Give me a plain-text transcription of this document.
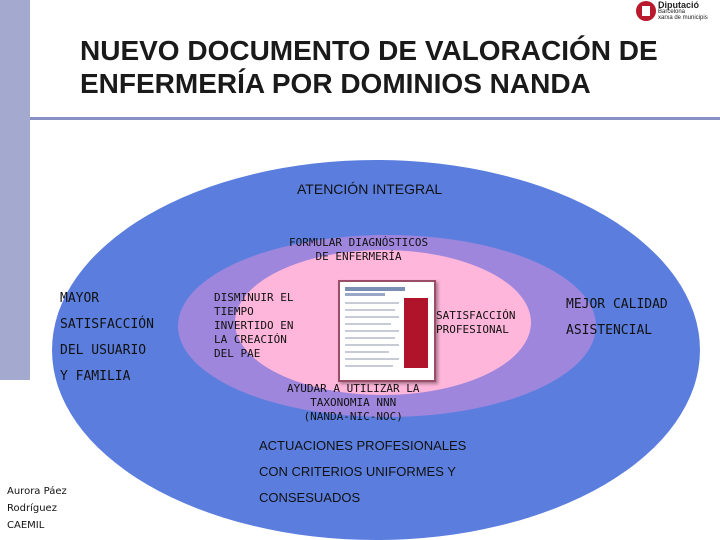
Diputació
Barcelona
xarxa de municipis
NUEVO DOCUMENTO DE VALORACIÓN DE
ENFERMERÍA POR DOMINIOS NANDA
ATENCIÓN INTEGRAL
FORMULAR DIAGNÓSTICOS
DE ENFERMERÍA
MAYOR
SATISFACCIÓN
DEL USUARIO
Y FAMILIA
DISMINUIR EL
TIEMPO
INVERTIDO EN
LA CREACIÓN
DEL PAE
SATISFACCIÓN
PROFESIONAL
MEJOR CALIDAD
ASISTENCIAL
AYUDAR A UTILIZAR LA
TAXONOMIA NNN
(NANDA-NIC-NOC)
ACTUACIONES PROFESIONALES
CON CRITERIOS UNIFORMES Y
CONSESUADOS
Aurora Páez
Rodríguez
CAEMIL
